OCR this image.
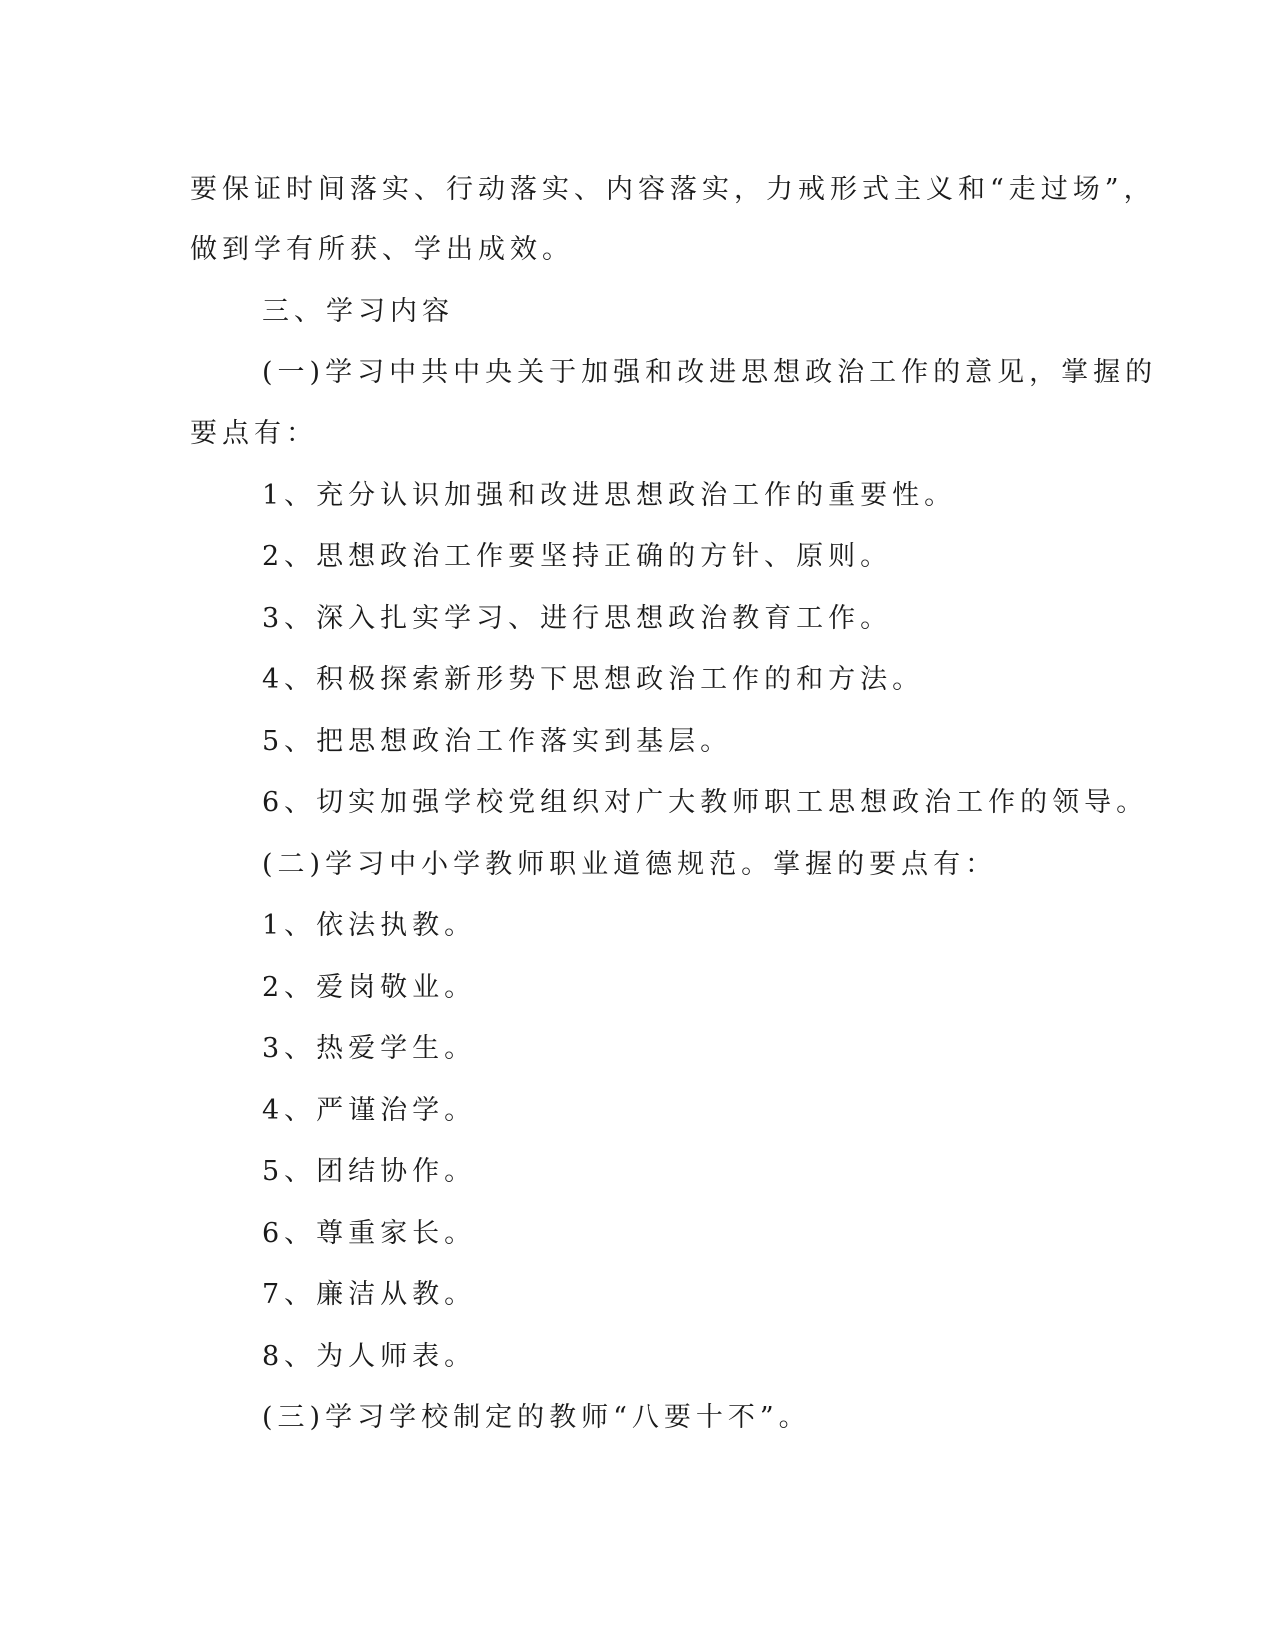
要保证时间落实、行动落实、内容落实，力戒形式主义和“走过场”，
做到学有所获、学出成效。
三、学习内容
(一)学习中共中央关于加强和改进思想政治工作的意见，掌握的
要点有：
1、充分认识加强和改进思想政治工作的重要性。
2、思想政治工作要坚持正确的方针、原则。
3、深入扎实学习、进行思想政治教育工作。
4、积极探索新形势下思想政治工作的和方法。
5、把思想政治工作落实到基层。
6、切实加强学校党组织对广大教师职工思想政治工作的领导。
(二)学习中小学教师职业道德规范。掌握的要点有：
1、依法执教。
2、爱岗敬业。
3、热爱学生。
4、严谨治学。
5、团结协作。
6、尊重家长。
7、廉洁从教。
8、为人师表。
(三)学习学校制定的教师“八要十不”。
